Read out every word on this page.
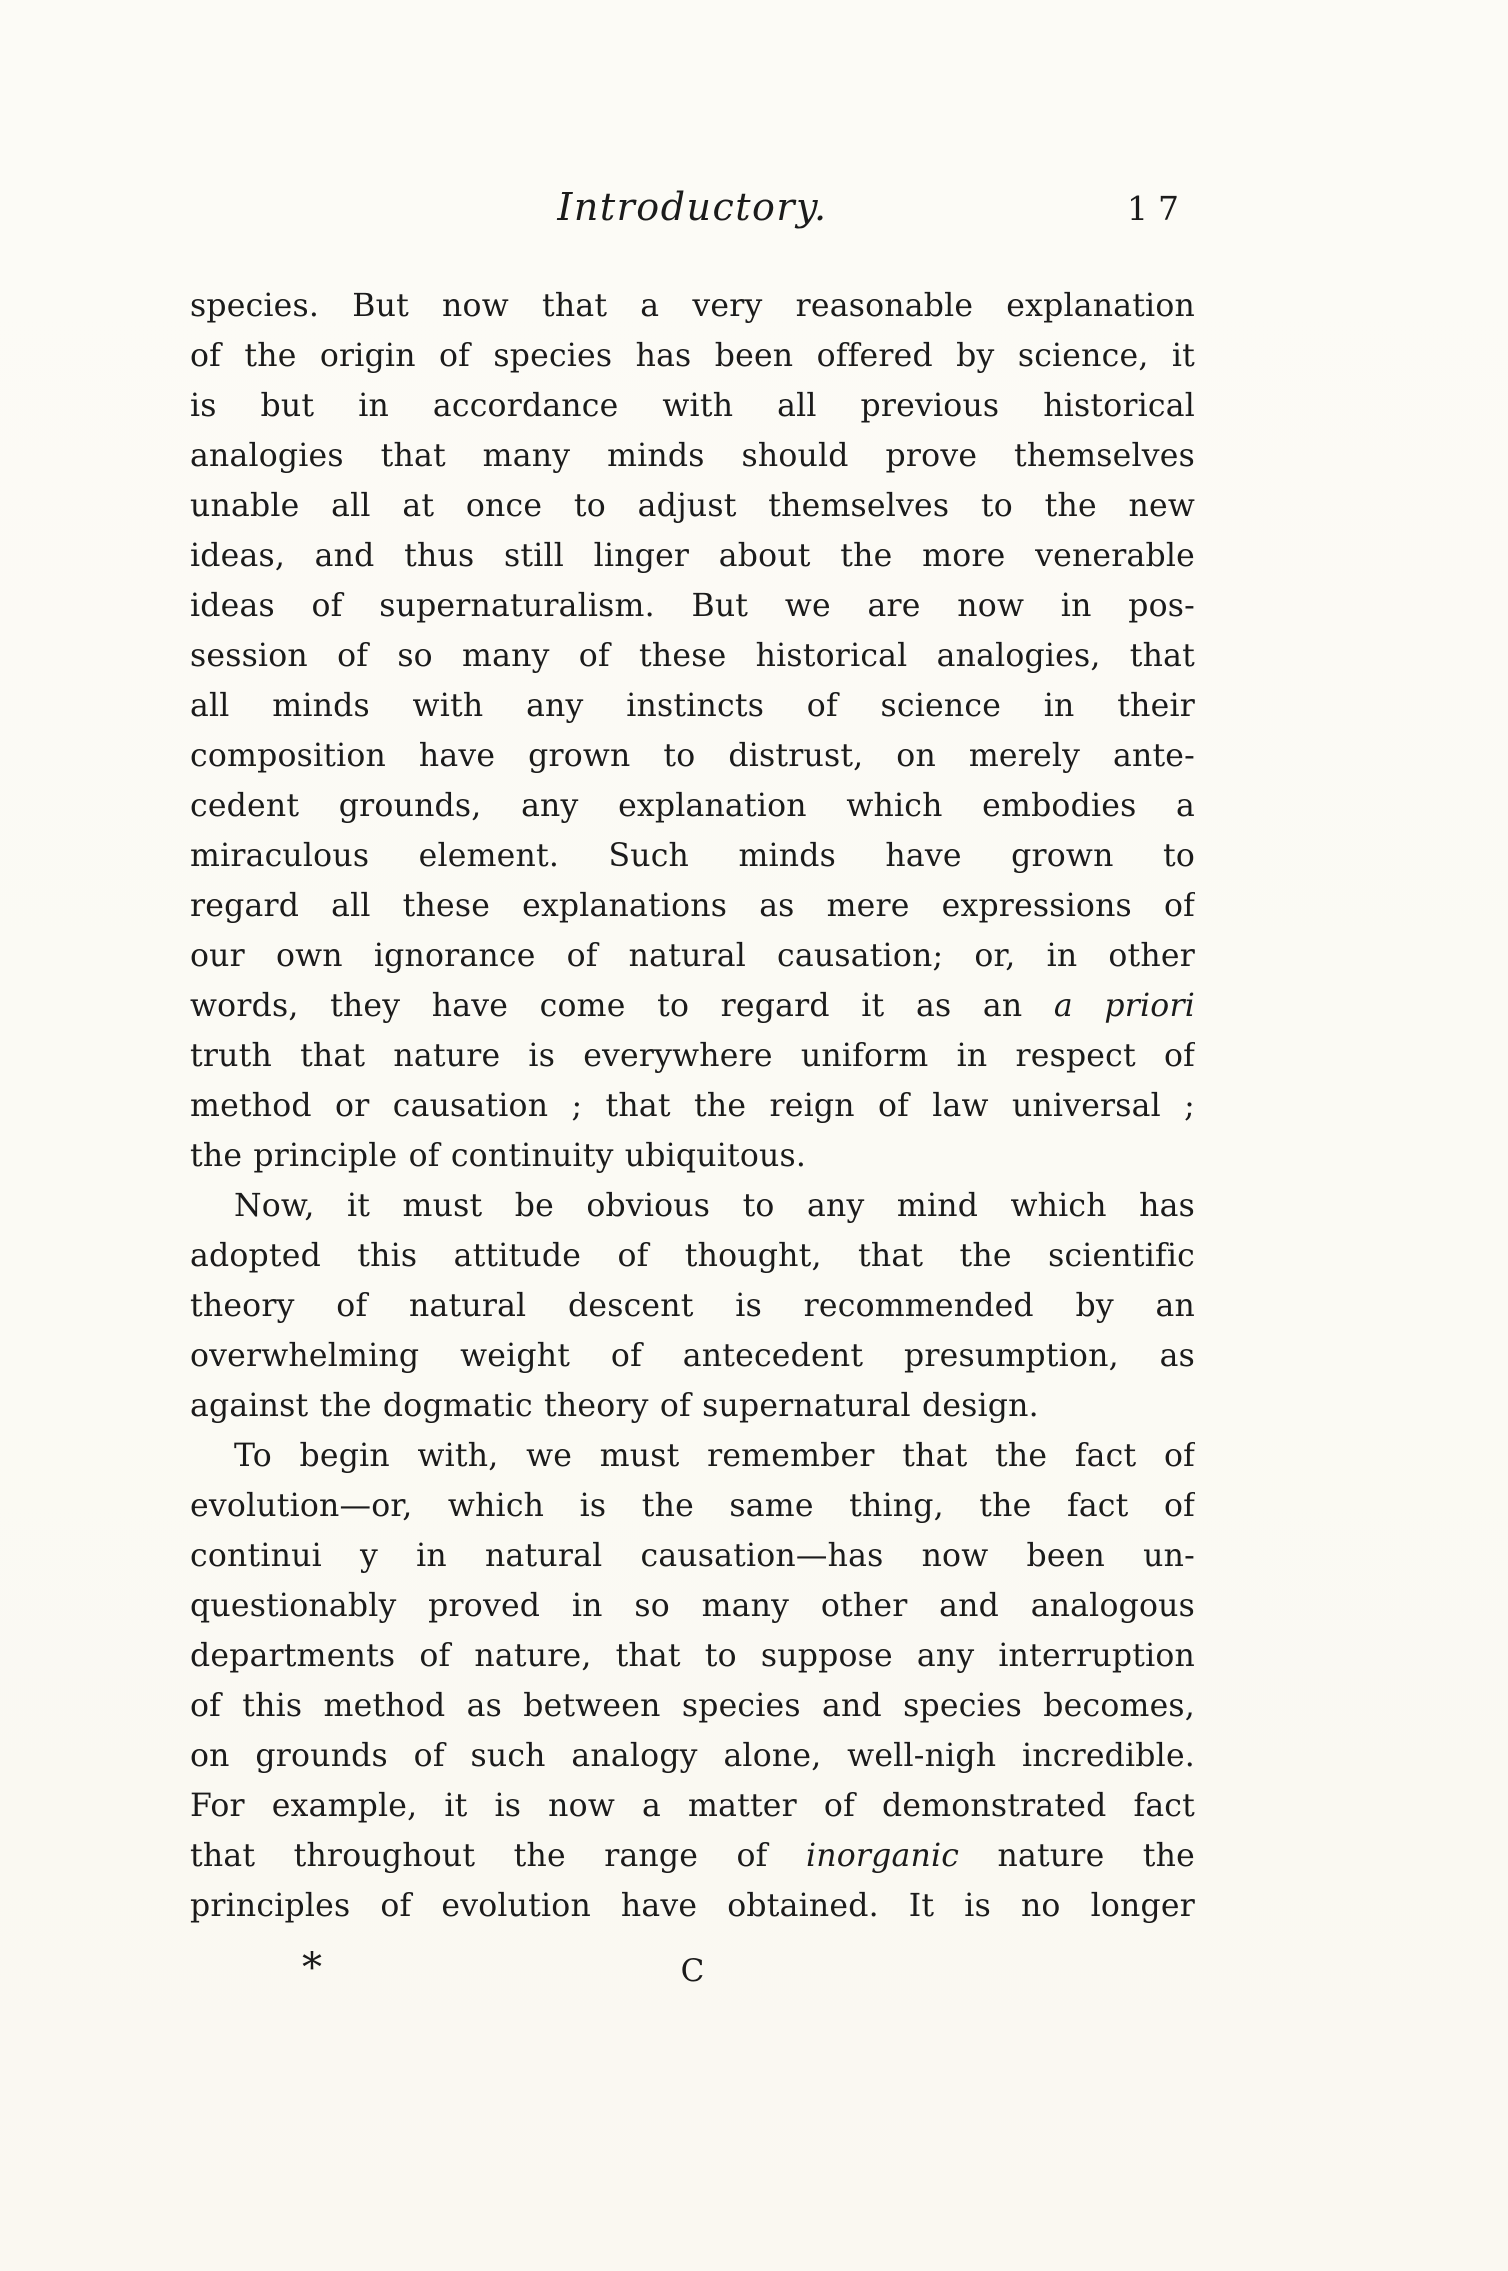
Introductory.	17
species. But now that a very reasonable explanation
of the origin of species has been offered by science, it
is but in accordance with all previous historical
analogies that many minds should prove themselves
unable all at once to adjust themselves to the new
ideas, and thus still linger about the more venerable
ideas of supernaturalism. But we are now in pos-
session of so many of these historical analogies, that
all minds with any instincts of science in their
composition have grown to distrust, on merely ante-
cedent grounds, any explanation which embodies a
miraculous element. Such minds have grown to
regard all these explanations as mere expressions of
our own ignorance of natural causation; or, in other
words, they have come to regard it as an a priori
truth that nature is everywhere uniform in respect of
method or causation ; that the reign of law universal ;
the principle of continuity ubiquitous.
Now, it must be obvious to any mind which has
adopted this attitude of thought, that the scientific
theory of natural descent is recommended by an
overwhelming weight of antecedent presumption, as
against the dogmatic theory of supernatural design.
To begin with, we must remember that the fact of
evolution—or, which is the same thing, the fact of
continui y in natural causation—has now been un-
questionably proved in so many other and analogous
departments of nature, that to suppose any interruption
of this method as between species and species becomes,
on grounds of such analogy alone, well-nigh incredible.
For example, it is now a matter of demonstrated fact
that throughout the range of inorganic nature the
principles of evolution have obtained. It is no longer
*	C
